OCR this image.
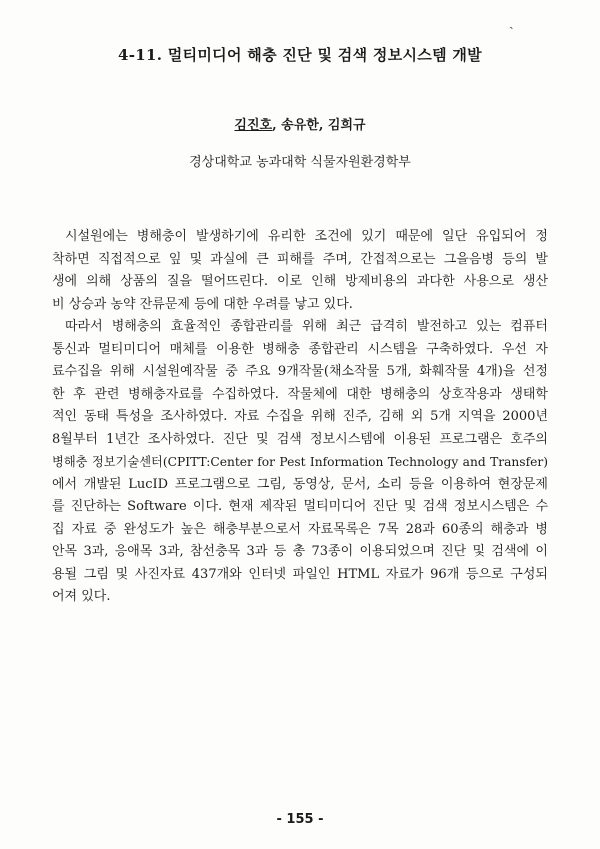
ˏ
4-11. 멀티미디어 해충 진단 및 검색 정보시스템 개발
김진호, 송유한, 김희규
경상대학교 농과대학 식물자원환경학부
시설원에는 병해충이 발생하기에 유리한 조건에 있기 때문에 일단 유입되어 정
착하면 직접적으로 잎 및 과실에 큰 피해를 주며, 간접적으로는 그을음병 등의 발
생에 의해 상품의 질을 떨어뜨린다. 이로 인해 방제비용의 과다한 사용으로 생산
비 상승과 농약 잔류문제 등에 대한 우려를 낳고 있다.
따라서 병해충의 효율적인 종합관리를 위해 최근 급격히 발전하고 있는 컴퓨터
통신과 멀티미디어 매체를 이용한 병해충 종합관리 시스템을 구축하였다. 우선 자
료수집을 위해 시설원예작물 중 주요 9개작물(채소작물 5개, 화훼작물 4개)을 선정
한 후 관련 병해충자료를 수집하였다. 작물체에 대한 병해충의 상호작용과 생태학
적인 동태 특성을 조사하였다. 자료 수집을 위해 진주, 김해 외 5개 지역을 2000년
8월부터 1년간 조사하였다. 진단 및 검색 정보시스템에 이용된 프로그램은 호주의
병해충 정보기술센터(CPITT:Center for Pest Information Technology and Transfer)
에서 개발된 LucID 프로그램으로 그림, 동영상, 문서, 소리 등을 이용하여 현장문제
를 진단하는 Software 이다. 현재 제작된 멀티미디어 진단 및 검색 정보시스템은 수
집 자료 중 완성도가 높은 해충부분으로서 자료목록은 7목 28과 60종의 해충과 병
안목 3과, 응애목 3과, 참선충목 3과 등 총 73종이 이용되었으며 진단 및 검색에 이
용될 그림 및 사진자료 437개와 인터넷 파일인 HTML 자료가 96개 등으로 구성되
어져 있다.
- 155 -
